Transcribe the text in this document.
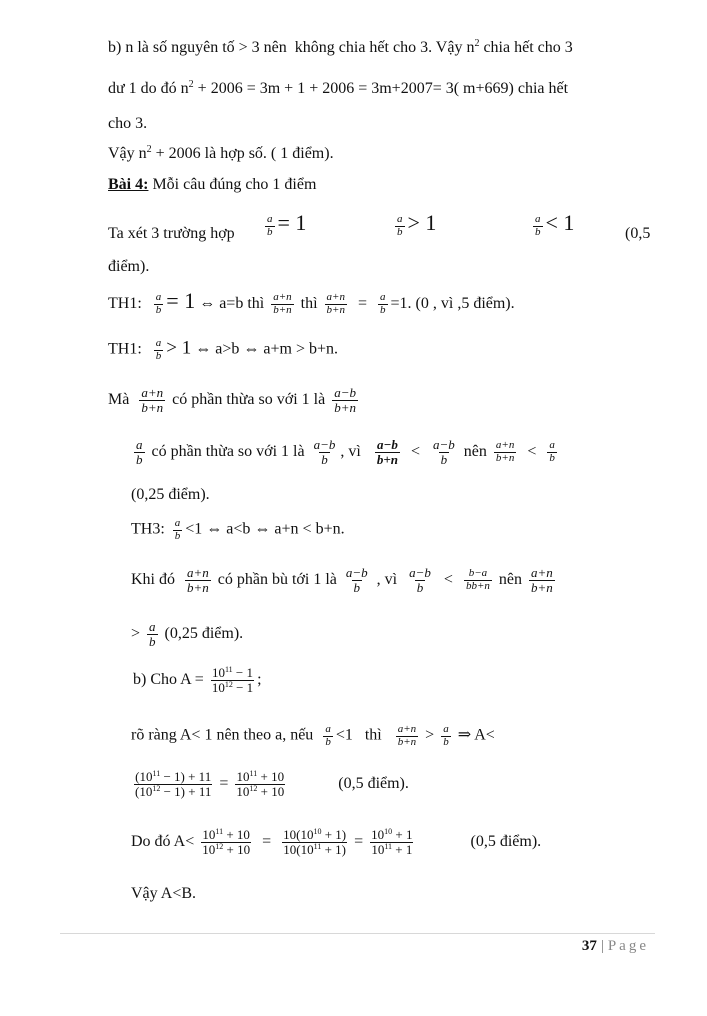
b) n là số nguyên tố > 3 nên  không chia hết cho 3. Vậy $n^2$ chia hết cho 3
dư 1 do đó $n^2 + 2006 = 3m + 1 + 2006 = 3m+2007= 3$( m+669) chia hết
cho 3.
Vậy $n^2 + 2006$ là hợp số. ( 1 điểm).
Bài 4: Mỗi câu đúng cho 1 điểm
Ta xét 3 trường hợp	$\frac{a}{b} = 1$	$\frac{a}{b} > 1$	$\frac{a}{b} < 1$	(0,5
điểm).
TH1: $\frac{a}{b} = 1$ ⇔ a=b thì $\frac{a+n}{b+n}$ thì $\frac{a+n}{b+n} = \frac{a}{b} =1$. (0 , vì ,5 điểm).
TH1: $\frac{a}{b} > 1$ ⇔ a>b ⇔ a+m > b+n.
Mà $\frac{a+n}{b+n}$ có phần thừa so với 1 là $\frac{a-b}{b+n}$
$\frac{a}{b}$ có phần thừa so với 1 là $\frac{a-b}{b}$ , vì $\frac{a-b}{b+n} < \frac{a-b}{b}$ nên $\frac{a+n}{b+n} < \frac{a}{b}$
(0,25 điểm).
TH3: $\frac{a}{b} <1$ ⇔ a<b ⇔ a+n < b+n.
Khi đó $\frac{a+n}{b+n}$ có phần bù tới 1 là $\frac{a-b}{b}$ , vì $\frac{a-b}{b} < \frac{b-a}{bb+n}$ nên $\frac{a+n}{b+n}$
> $\frac{a}{b} (0,25$ điểm).
b) Cho $A = \frac{10^{11} - 1}{10^{12} - 1}$ ;
rõ ràng A< 1 nên theo a, nếu $\frac{a}{b} <1$   thì $\frac{a+n}{b+n} > \frac{a}{b}$ ⇒ A<
$\frac{(10^{11} - 1) + 11}{(10^{12} - 1) + 11} = \frac{10^{11} + 10}{10^{12} + 10}$	(0,5 điểm).
Do đó $A< \frac{10^{11} + 10}{10^{12} + 10} = \frac{10(10^{10} + 1)}{10(10^{11} + 1)} = \frac{10^{10} + 1}{10^{11} + 1}$	(0,5 điểm).
Vậy A<B.
37 | Page
